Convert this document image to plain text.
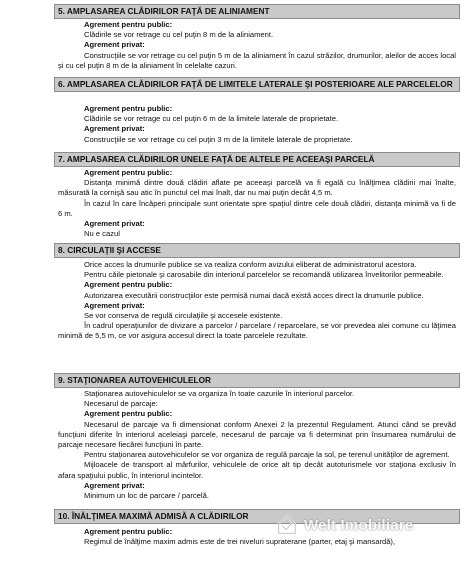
5. AMPLASAREA CLĂDIRILOR FAŢĂ DE ALINIAMENT
Agrement pentru public:
Clădirile se vor retrage cu cel puţin 8 m de la aliniament.
Agrement privat:
Construcţiile se vor retrage cu cel puţin 5 m de la aliniament în cazul străzilor, drumurilor, aleilor de acces local şi cu cel puţin 8 m de la aliniament în celelalte cazuri.
6. AMPLASAREA CLĂDIRILOR FAŢĂ DE LIMITELE LATERALE ŞI POSTERIOARE ALE PARCELELOR
Agrement pentru public:
Clădirile se vor retrage cu cel puţin 6 m de la limitele laterale de proprietate.
Agrement privat:
Construcţiile se vor retrage cu cel puţin 3 m de la limitele laterale de proprietate.
7. AMPLASAREA CLĂDIRILOR UNELE FAŢĂ DE ALTELE PE ACEEAŞI PARCELĂ
Agrement pentru public:
Distanţa minimă dintre două clădiri aflate pe aceeaşi parcelă va fi egală cu înălţimea clădirii mai înalte, măsurată la cornişă sau atic în punctul cel mai înalt, dar nu mai puţin decât 4,5 m.
În cazul în care încăperi principale sunt orientate spre spaţiul dintre cele două clădiri, distanţa minimă va fi de 6 m.
Agrement privat:
Nu e cazul
8. CIRCULAŢII ŞI ACCESE
Orice acces la drumurile publice se va realiza conform avizului eliberat de administratorul acestora.
Pentru căile pietonale şi carosabile din interiorul parcelelor se recomandă utilizarea învelitorilor permeabile.
Agrement pentru public:
Autorizarea executării construcţiilor este permisă numai dacă există acces direct la drumurile publice.
Agrement privat:
Se vor conserva de regulă circulaţiile şi accesele existente.
În cadrul operaţiunilor de divizare a parcelor / parcelare / reparcelare, se vor prevedea alei comune cu lăţimea minimă de 5,5 m, ce vor asigura accesul direct la toate parcelele rezultate.
9. STAŢIONAREA AUTOVEHICULELOR
Staţionarea autovehiculelor se va organiza în toate cazurile în interiorul parcelor.
Necesarul de parcaje:
Agrement pentru public:
Necesarul de parcaje va fi dimensionat conform Anexei 2 la prezentul Regulament. Atunci când se prevăd funcţiuni diferite în interiorul aceleiaşi parcele, necesarul de parcaje va fi determinat prin însumarea numărului de parcaje necesare fiecărei funcţiuni în parte.
Pentru staţionarea autovehiculelor se vor organiza de regulă parcaje la sol, pe terenul unităţilor de agrement.
Mijloacele de transport al mărfurilor, vehiculele de orice alt tip decât autoturismele vor staţiona exclusiv în afara spaţiului public, în interiorul incintelor.
Agrement privat:
Minimum un loc de parcare / parcelă.
10. ÎNĂLŢIMEA MAXIMĂ ADMISĂ A CLĂDIRILOR
Agrement pentru public:
Regimul de înălţime maxim admis este de trei niveluri supraterane (parter, etaj şi mansardă),
Welt Imobiliare
